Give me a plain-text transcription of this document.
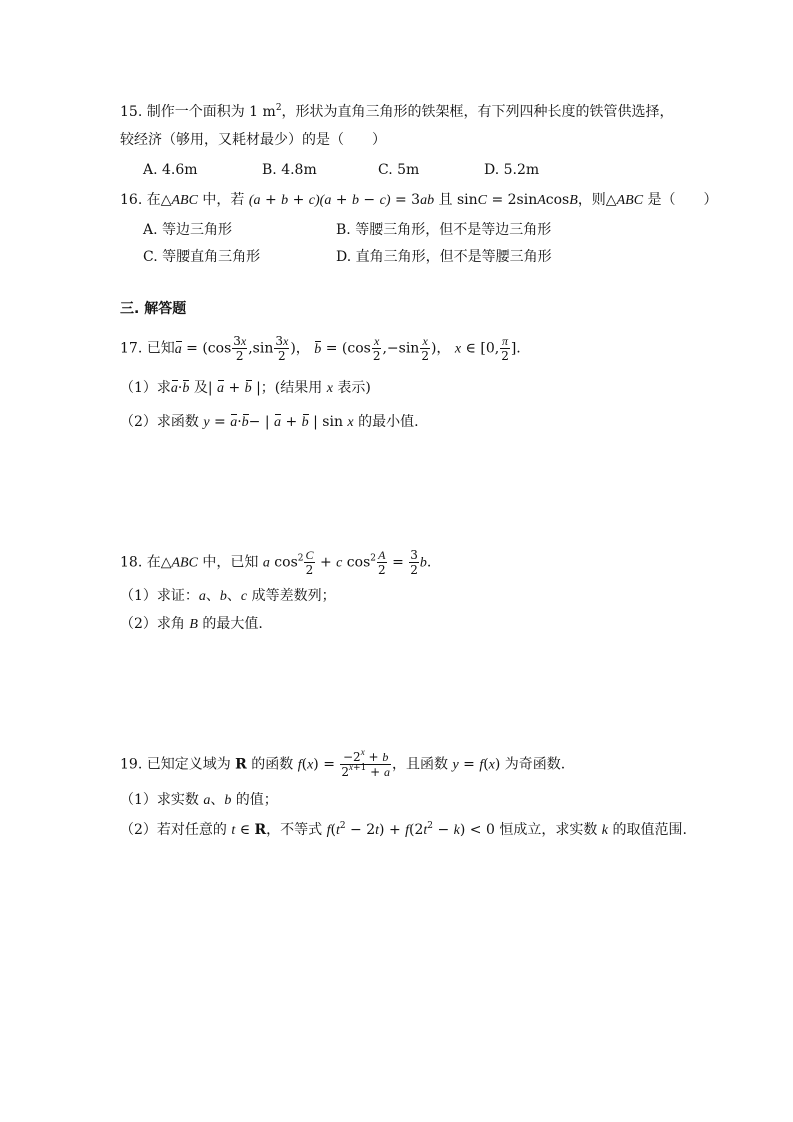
15. 制作一个面积为 1 $m^2$，形状为直角三角形的铁架框，有下列四种长度的铁管供选择，
较经济（够用，又耗材最少）的是（　　）
A. 4.6m	B. 4.8m	C. 5m	D. 5.2m
16. 在△ABC 中，若 (a + b + c)(a + b − c) = 3ab 且 sinC = 2sinAcosB，则△ABC 是（　　）
A. 等边三角形	B. 等腰三角形，但不是等边三角形
C. 等腰直角三角形	D. 直角三角形，但不是等腰三角形
三. 解答题
17. 已知$a = (\cos \frac{3x}{2} ,\sin \frac{3x}{2}$ )， $b = (\cos \frac{x}{2} ,-\sin \frac{x}{2}$ )， x ∈ [0, $\frac{\pi}{2}$ ].
（1）求a·b 及| a + b |；(结果用 x 表示)
（2）求函数 y = a·b− | a + b | sin x 的最小值.
18. 在△ABC 中，已知 a $\cos^2 \frac{C}{2} + c$ $\cos^2 \frac{A}{2} = \frac{3}{2} b$.
（1）求证：a、b、c 成等差数列；
（2）求角 B 的最大值.
19. 已知定义域为 R 的函数 $f(x) = \frac{-2^x + b}{2^{x+1} + a}$ ，且函数 y = f(x) 为奇函数.
（1）求实数 a、b 的值；
（2）若对任意的 t ∈ R，不等式 $f(t^2 - 2t) + f(2t^2 - k) < 0$ 恒成立，求实数 k 的取值范围.
